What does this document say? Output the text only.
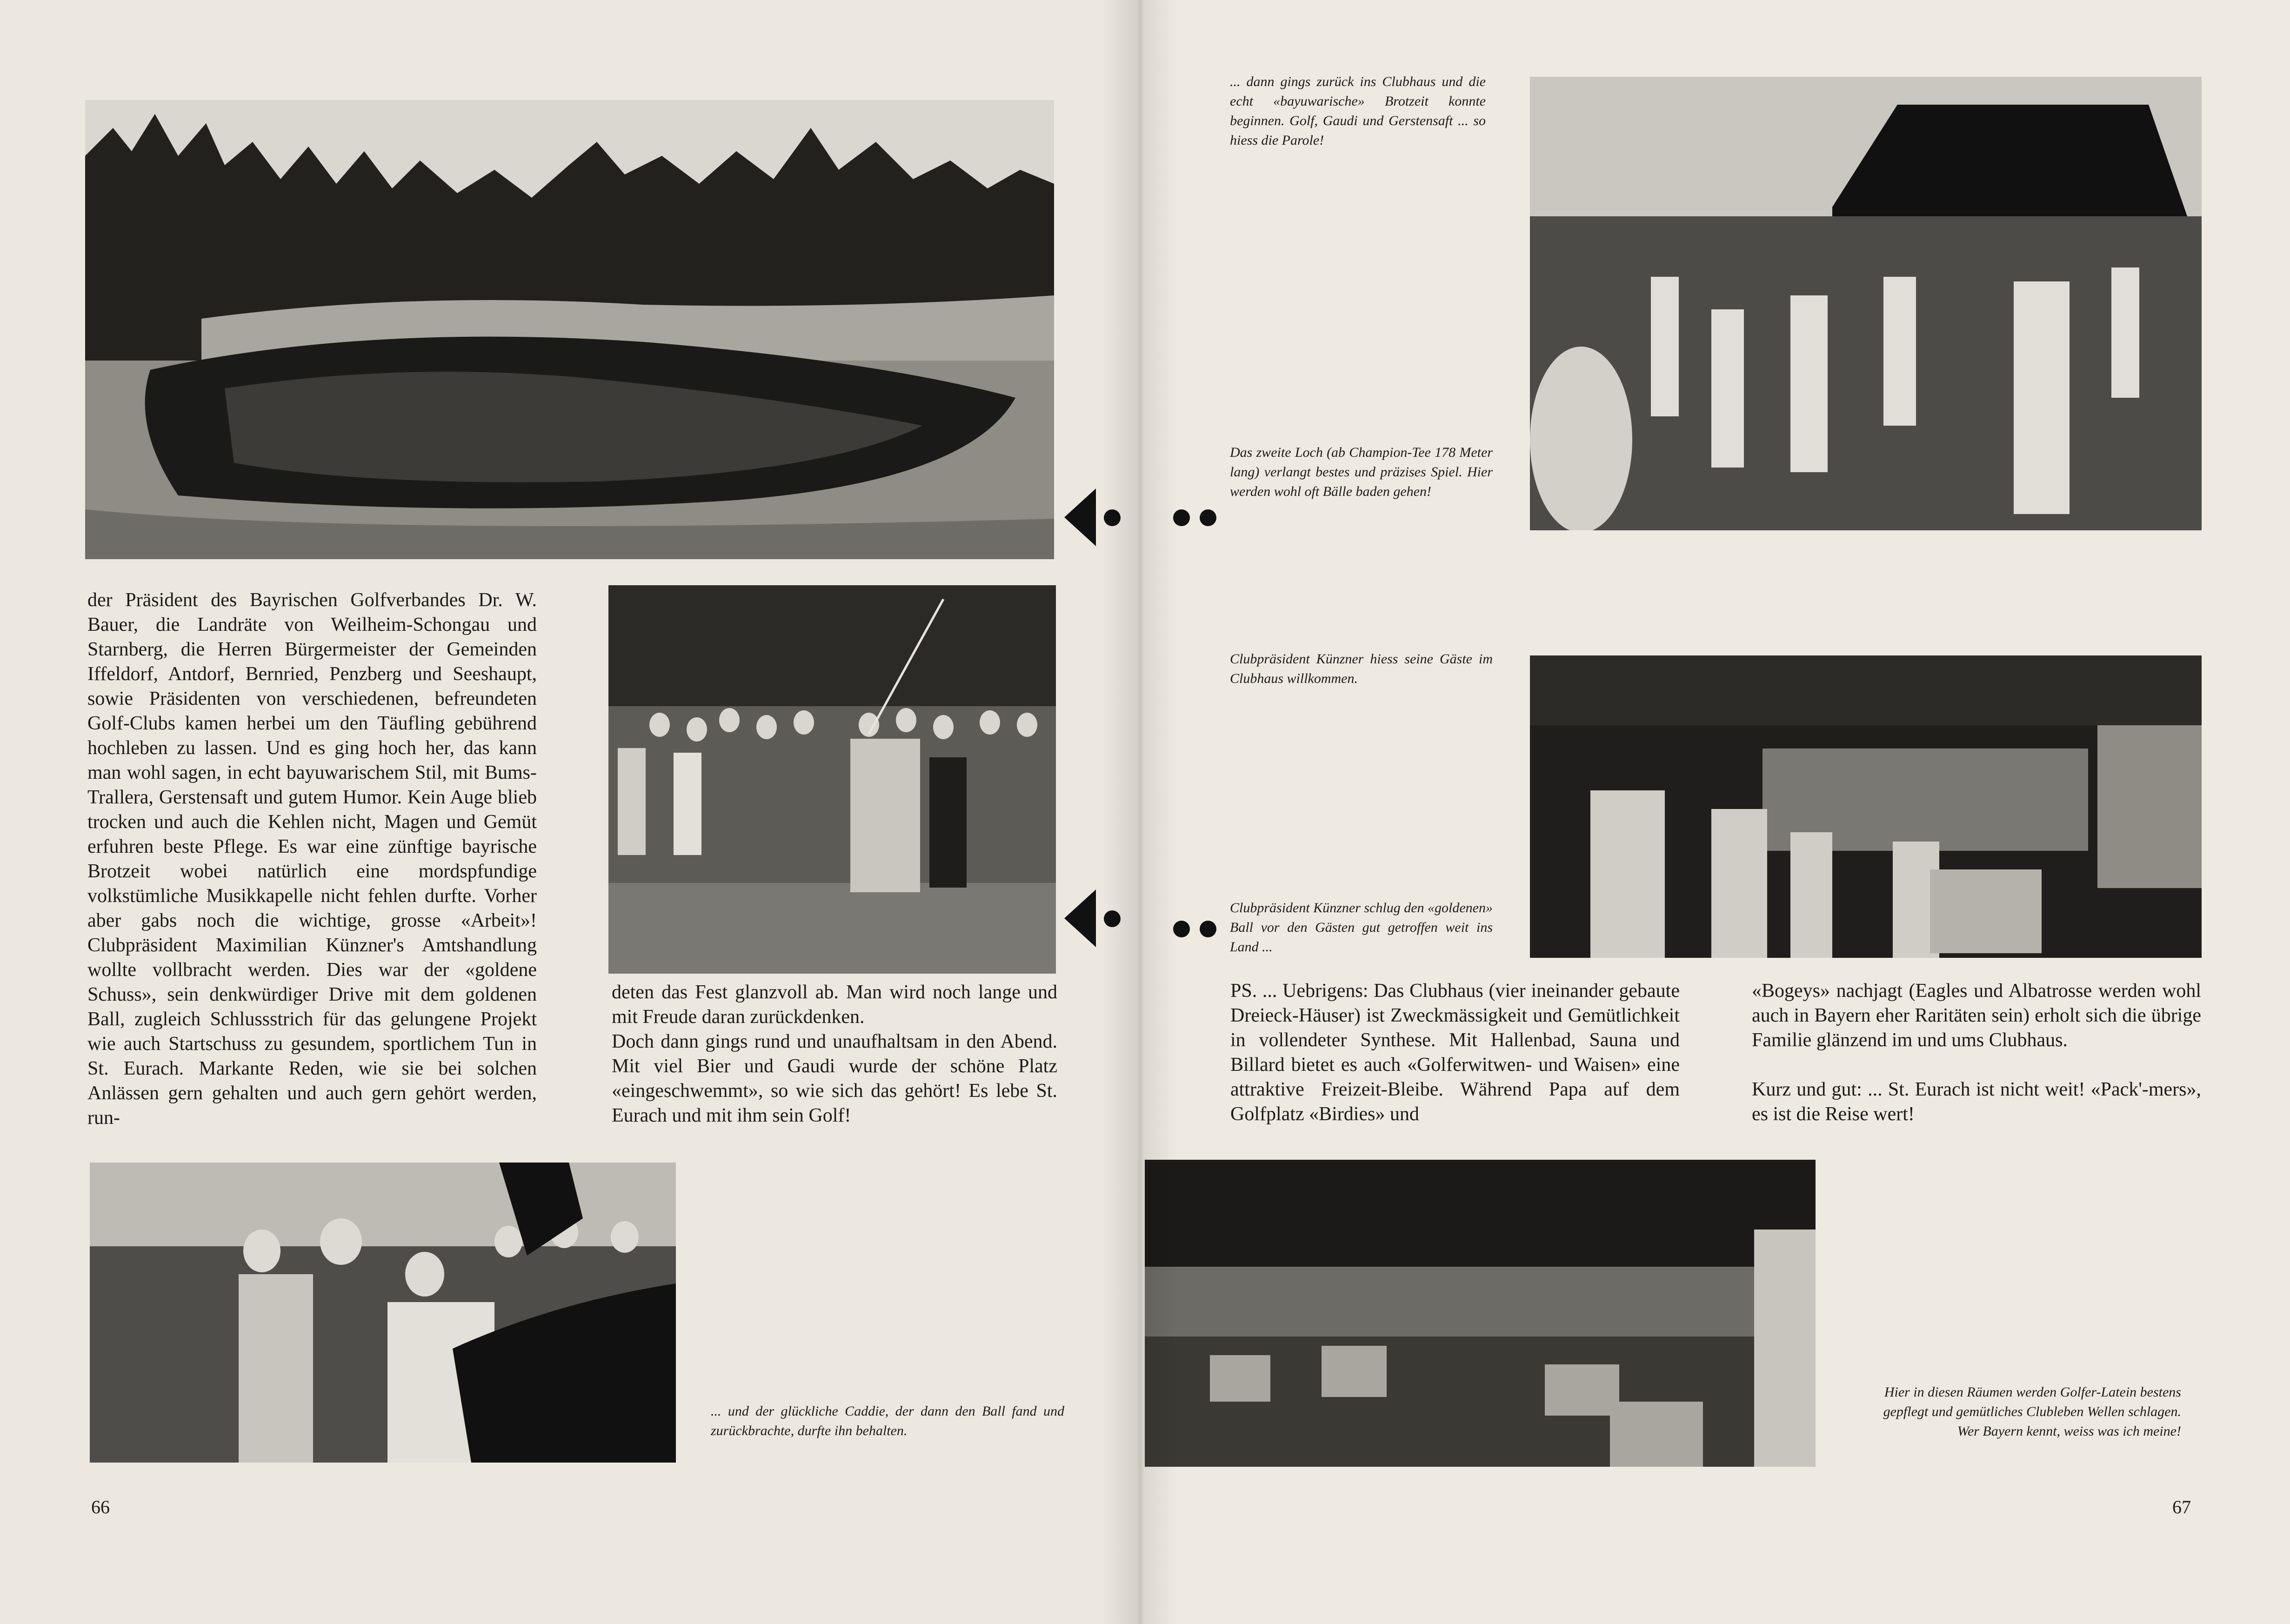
der Präsident des Bayrischen Golfverbandes Dr. W. Bauer, die Landräte von Weilheim-Schongau und Starnberg, die Herren Bürgermeister der Gemeinden Iffeldorf, Antdorf, Bernried, Penzberg und Seeshaupt, sowie Präsidenten von verschiedenen, befreundeten Golf-Clubs kamen herbei um den Täufling gebührend hochleben zu lassen. Und es ging hoch her, das kann man wohl sagen, in echt bayuwarischem Stil, mit Bums-Trallera, Gerstensaft und gutem Humor. Kein Auge blieb trocken und auch die Kehlen nicht, Magen und Gemüt erfuhren beste Pflege. Es war eine zünftige bayrische Brotzeit wobei natürlich eine mordspfundige volkstümliche Musikkapelle nicht fehlen durfte. Vorher aber gabs noch die wichtige, grosse «Arbeit»! Clubpräsident Maximilian Künzner's Amtshandlung wollte vollbracht werden. Dies war der «goldene Schuss», sein denkwürdiger Drive mit dem goldenen Ball, zugleich Schlussstrich für das gelungene Projekt wie auch Startschuss zu gesundem, sportlichem Tun in St. Eurach. Markante Reden, wie sie bei solchen Anlässen gern gehalten und auch gern gehört werden, run-
deten das Fest glanzvoll ab. Man wird noch lange und mit Freude daran zurückdenken.
Doch dann gings rund und unaufhaltsam in den Abend. Mit viel Bier und Gaudi wurde der schöne Platz «eingeschwemmt», so wie sich das gehört! Es lebe St. Eurach und mit ihm sein Golf!
... und der glückliche Caddie, der dann den Ball fand und zurückbrachte, durfte ihn behalten.
66
... dann gings zurück ins Clubhaus und die echt «bayuwarische» Brotzeit konnte beginnen. Golf, Gaudi und Gerstensaft ... so hiess die Parole!
Das zweite Loch (ab Champion-Tee 178 Meter lang) verlangt bestes und präzises Spiel. Hier werden wohl oft Bälle baden gehen!
Clubpräsident Künzner hiess seine Gäste im Clubhaus willkommen.
Clubpräsident Künzner schlug den «goldenen» Ball vor den Gästen gut getroffen weit ins Land ...
PS. ... Uebrigens: Das Clubhaus (vier ineinander gebaute Dreieck-Häuser) ist Zweckmässigkeit und Gemütlichkeit in vollendeter Synthese. Mit Hallenbad, Sauna und Billard bietet es auch «Golferwitwen- und Waisen» eine attraktive Freizeit-Bleibe. Während Papa auf dem Golfplatz «Birdies» und
«Bogeys» nachjagt (Eagles und Albatrosse werden wohl auch in Bayern eher Raritäten sein) erholt sich die übrige Familie glänzend im und ums Clubhaus.

Kurz und gut: ... St. Eurach ist nicht weit! «Pack'-mers», es ist die Reise wert!
Hier in diesen Räumen werden Golfer-Latein bestens gepflegt und gemütliches Clubleben Wellen schlagen. Wer Bayern kennt, weiss was ich meine!
67
